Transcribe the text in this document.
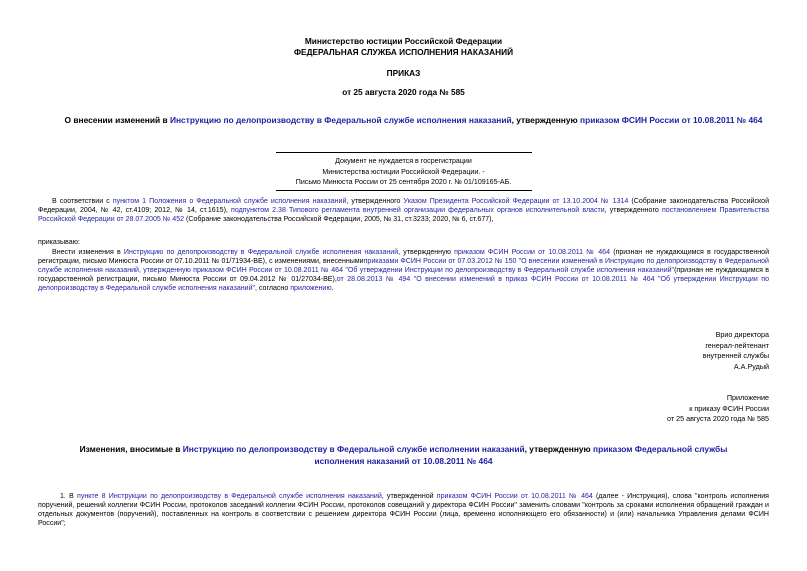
Министерство юстиции Российской Федерации
ФЕДЕРАЛЬНАЯ СЛУЖБА ИСПОЛНЕНИЯ НАКАЗАНИЙ
ПРИКАЗ
от 25 августа 2020 года № 585
О внесении изменений в Инструкцию по делопроизводству в Федеральной службе исполнения наказаний, утвержденную приказом ФСИН России от 10.08.2011 № 464
Документ не нуждается в госрегистрации
Министерства юстиции Российской Федерации. -
Письмо Минюста России от 25 сентября 2020 г. № 01/109165-АБ.
В соответствии с пунктом 1 Положения о Федеральной службе исполнения наказаний, утвержденного Указом Президента Российской Федерации от 13.10.2004 № 1314 (Собрание законодательства Российской Федерации, 2004, № 42, ст.4109; 2012, № 14, ст.1615), подпунктом 2.38 Типового регламента внутренней организации федеральных органов исполнительной власти, утвержденного постановлением Правительства Российской Федерации от 28.07.2005 № 452 (Собрание законодательства Российской Федерации, 2005, № 31, ст.3233; 2020, № 6, ст.677),
приказываю:
Внести изменения в Инструкцию по делопроизводству в Федеральной службе исполнения наказаний, утвержденную приказом ФСИН России от 10.08.2011 № 464 (признан не нуждающимся в государственной регистрации, письмо Минюста России от 07.10.2011 № 01/71934-ВЕ), с изменениями, внесеннымиприказами ФСИН России от 07.03.2012 № 150 "О внесении изменений в Инструкцию по делопроизводству в Федеральной службе исполнения наказаний, утвержденную приказом ФСИН России от 10.08.2011 № 464 "Об утверждении Инструкции по делопроизводству в Федеральной службе исполнения наказаний"(признан не нуждающимся в государственной регистрации, письмо Минюста России от 09.04.2012 № 01/27034-ВЕ),от 28.08.2013 № 494 "О внесении изменений в приказ ФСИН России от 10.08.2011 № 464 "Об утверждении Инструкции по делопроизводству в Федеральной службе исполнения наказаний", согласно приложению.
Врио директора
генерал-лейтенант
внутренней службы
А.А.Рудый
Приложение
к приказу ФСИН России
от 25 августа 2020 года № 585
Изменения, вносимые в Инструкцию по делопроизводству в Федеральной службе исполнении наказаний, утвержденную приказом Федеральной службы исполнения наказаний от 10.08.2011 № 464
1. В пункте 8 Инструкции по делопроизводству в Федеральной службе исполнения наказаний, утвержденной приказом ФСИН России от 10.08.2011 № 464 (далее - Инструкция), слова "контроль исполнения поручений, решений коллегии ФСИН России, протоколов заседаний коллегии ФСИН России, протоколов совещаний у директора ФСИН России" заменить словами "контроль за сроками исполнения обращений граждан и отдельных документов (поручений), поставленных на контроль в соответствии с решением директора ФСИН России (лица, временно исполняющего его обязанности) и (или) начальника Управления делами ФСИН России";
